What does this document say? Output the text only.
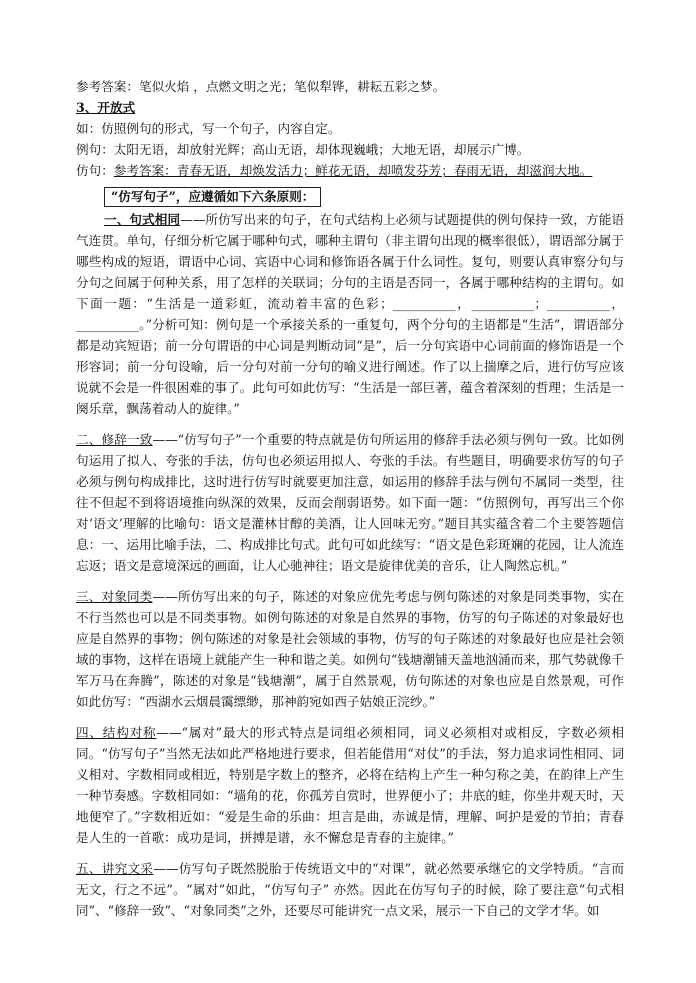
参考答案：笔似火焰 ，点燃文明之光；笔似犁铧，耕耘五彩之梦。
3、开放式
如：仿照例句的形式，写一个句子，内容自定。
例句：太阳无语，却放射光辉；高山无语，却体现巍峨；大地无语，却展示广博。
仿句：参考答案：青春无语，却焕发活力；鲜花无语，却喷发芬芳；春雨无语，却滋润大地。
“仿写句子”，应遵循如下六条原则：

一、句式相同——所仿写出来的句子，在句式结构上必须与试题提供的例句保持一致，方能语气连贯。单句，仔细分析它属于哪种句式，哪种主谓句（非主谓句出现的概率很低），谓语部分属于哪些构成的短语，谓语中心词、宾语中心词和修饰语各属于什么词性。复句，则要认真审察分句与分句之间属于何种关系，用了怎样的关联词；分句的主语是否同一，各属于哪种结构的主谓句。如下面一题：“生活是一道彩虹，流动着丰富的色彩；__________，__________；__________，__________。”分析可知：例句是一个承接关系的一重复句，两个分句的主语都是“生活”，谓语部分都是动宾短语；前一分句谓语的中心词是判断动词“是”，后一分句宾语中心词前面的修饰语是一个形容词；前一分句设喻，后一分句对前一分句的喻义进行阐述。作了以上揣摩之后，进行仿写应该说就不会是一件很困难的事了。此句可如此仿写：“生活是一部巨著，蕴含着深刻的哲理；生活是一阕乐章，飘荡着动人的旋律。”

二、修辞一致——“仿写句子”一个重要的特点就是仿句所运用的修辞手法必须与例句一致。比如例句运用了拟人、夸张的手法，仿句也必须运用拟人、夸张的手法。有些题目，明确要求仿写的句子必须与例句构成排比，这时进行仿写时就要更加注意，如运用的修辞手法与例句不属同一类型，往往不但起不到将语境推向纵深的效果，反而会削弱语势。如下面一题：“仿照例句，再写出三个你对‘语文’理解的比喻句：语文是灌林甘醇的美酒，让人回味无穷。”题目其实蕴含着二个主要答题信息：一、运用比喻手法，二、构成排比句式。此句可如此续写：“语文是色彩斑斓的花园，让人流连忘返；语文是意境深远的画面，让人心驰神往；语文是旋律优美的音乐，让人陶然忘机。”

三、对象同类——所仿写出来的句子，陈述的对象应优先考虑与例句陈述的对象是同类事物，实在不行当然也可以是不同类事物。如例句陈述的对象是自然界的事物，仿写的句子陈述的对象最好也应是自然界的事物；例句陈述的对象是社会领域的事物，仿写的句子陈述的对象最好也应是社会领域的事物，这样在语境上就能产生一种和谐之美。如例句“钱塘潮铺天盖地汹涌而来，那气势就像千军万马在奔腾”，陈述的对象是“钱塘潮”，属于自然景观，仿句陈述的对象也应是自然景观，可作如此仿写：“西湖水云烟晨霭缥缈，那神韵宛如西子姑娘正浣纱。”

四、结构对称——“属对”最大的形式特点是词组必须相同，词义必须相对或相反，字数必须相同。“仿写句子”当然无法如此严格地进行要求，但若能借用“对仗”的手法，努力追求词性相同、词义相对、字数相同或相近，特别是字数上的整齐，必将在结构上产生一种匀称之美，在韵律上产生一种节奏感。字数相同如：“墙角的花，你孤芳自赏时，世界便小了；井底的蛙，你坐井观天时，天地便窄了。”字数相近如：“爱是生命的乐曲：坦言是曲，赤诚是情，理解、呵护是爱的节拍；青春是人生的一首歌：成功是词，拼搏是谱，永不懈怠是青春的主旋律。”

五、讲究文采——仿写句子既然脱胎于传统语文中的“对课”，就必然要承继它的文学特质。“言而无文，行之不远”。“属对”如此，“仿写句子” 亦然。因此在仿写句子的时候，除了要注意“句式相同”、“修辞一致”、“对象同类”之外，还要尽可能讲究一点文采，展示一下自己的文学才华。如
